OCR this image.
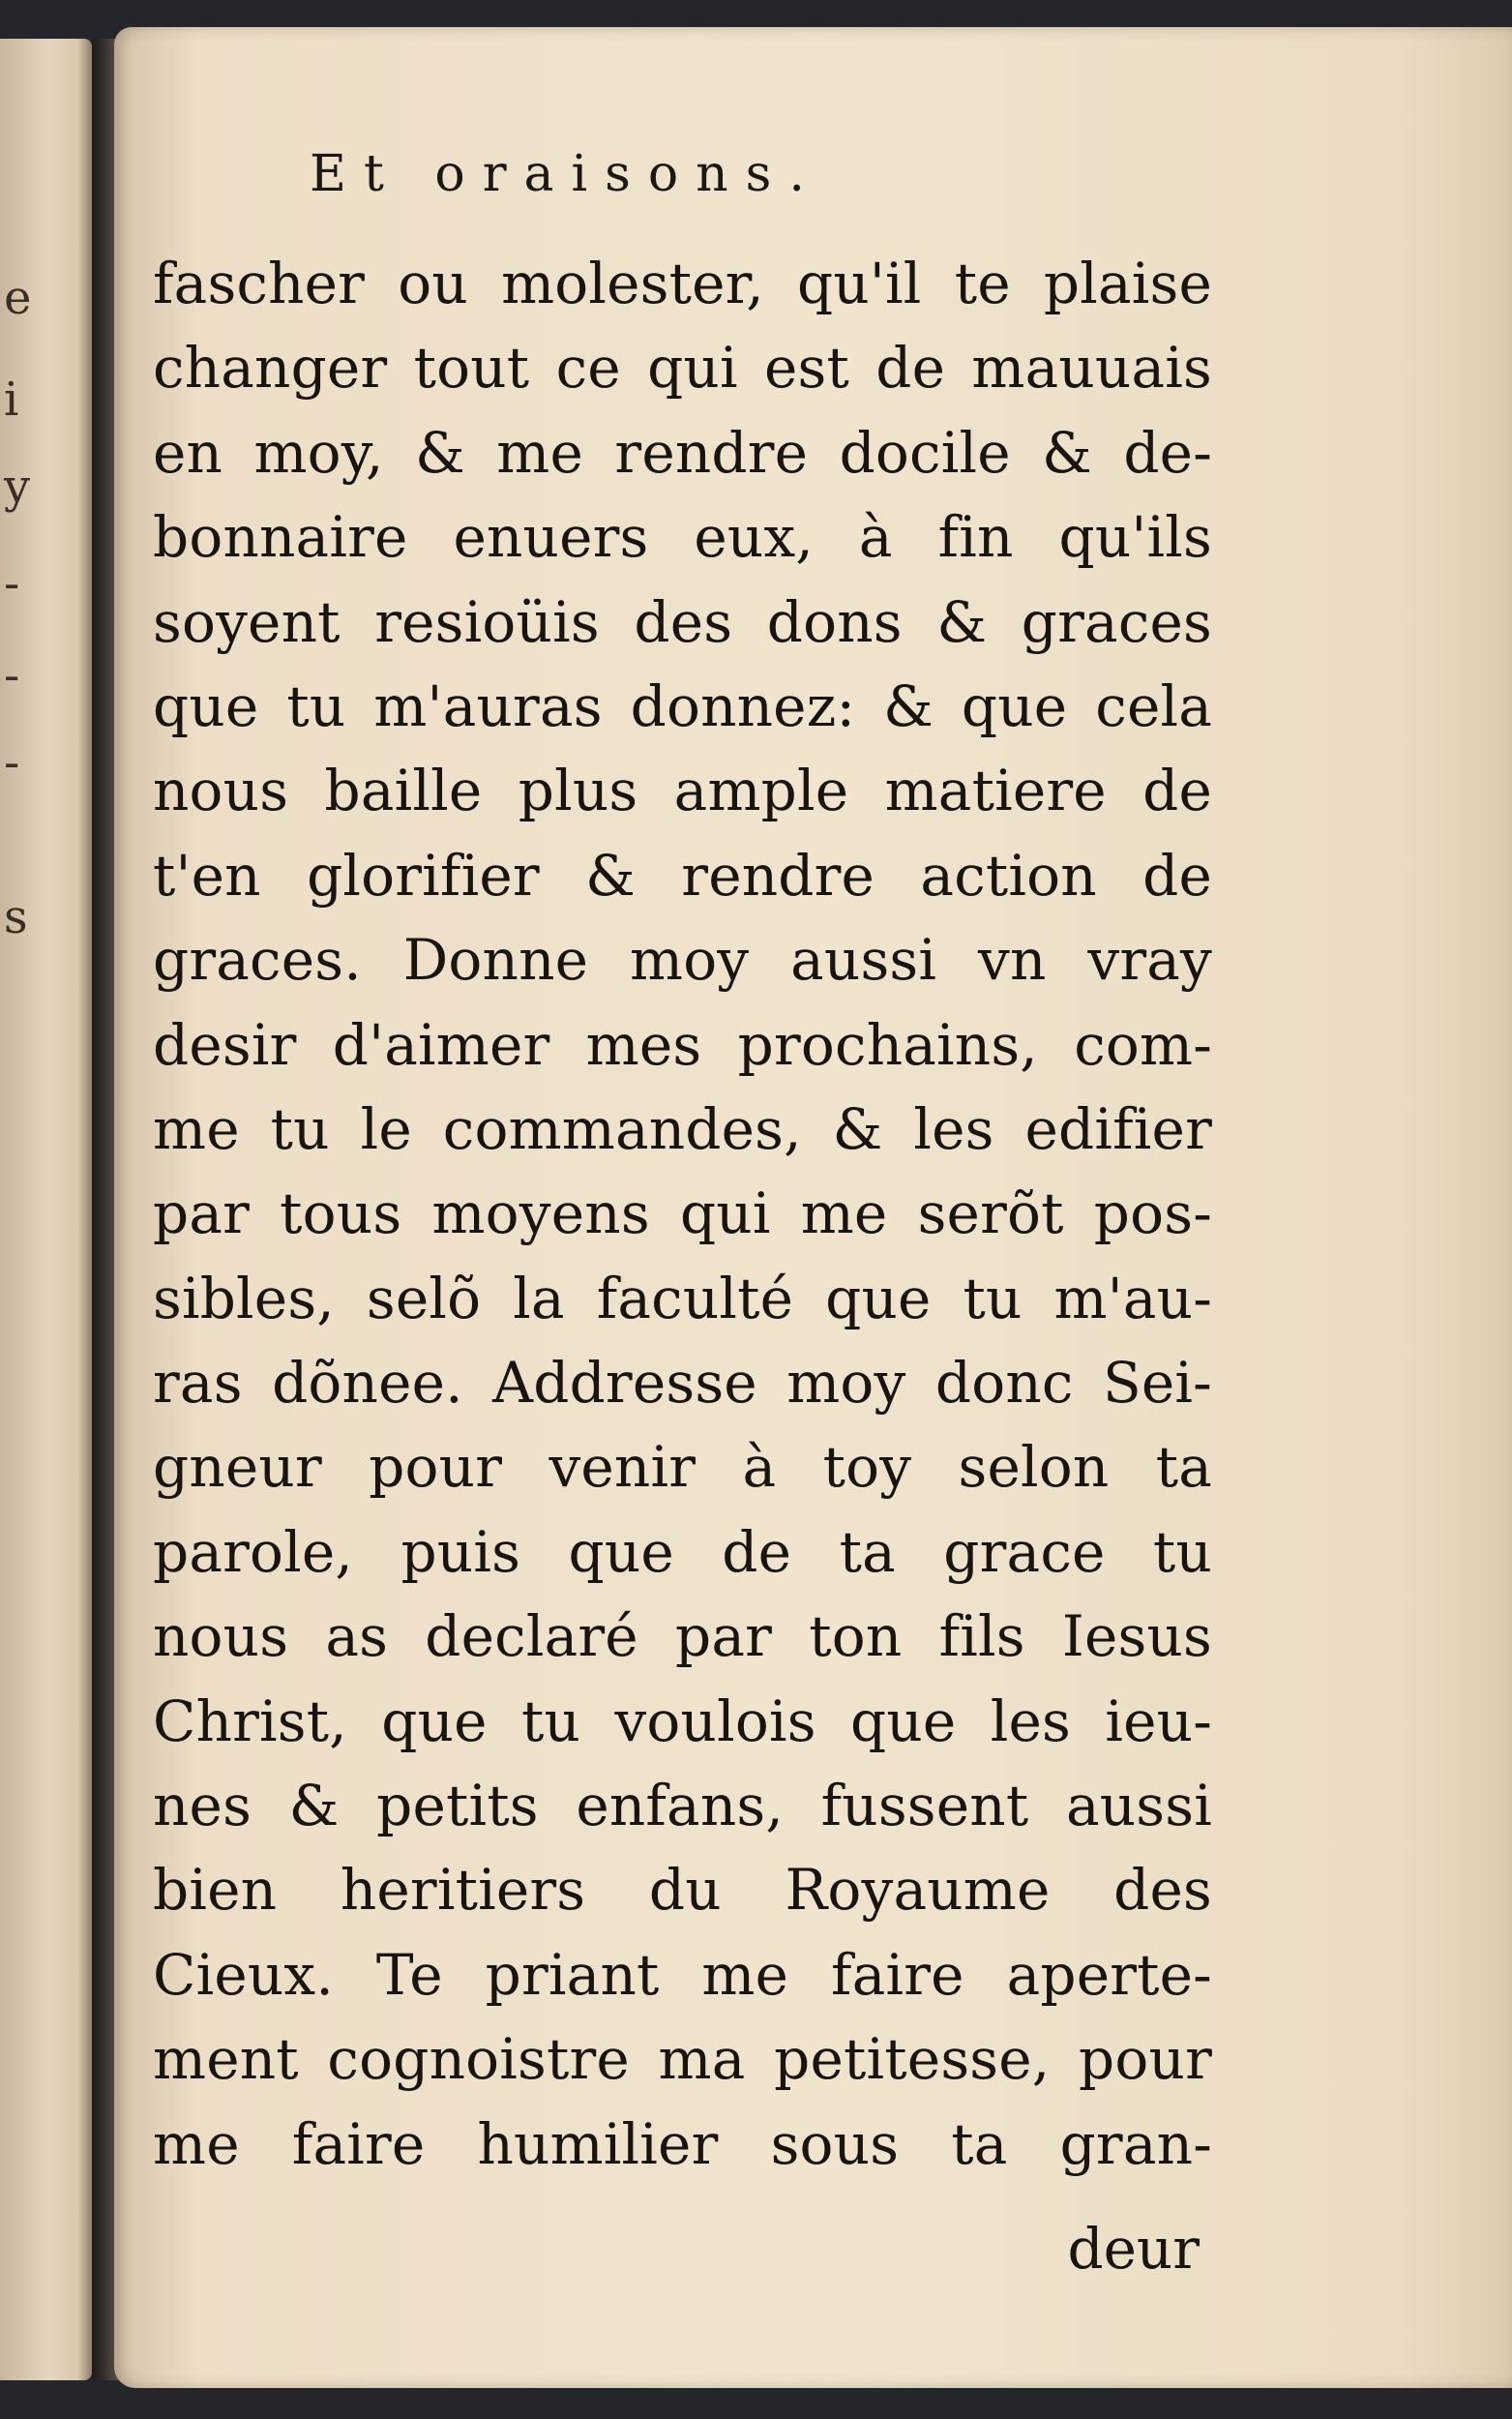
e
i
y
-
-
-
s
Et oraisons.
fascher ou molester, qu'il te plaise
changer tout ce qui est de mauuais
en moy, & me rendre docile & de-
bonnaire enuers eux, à fin qu'ils
soyent resioüis des dons & graces
que tu m'auras donnez: & que cela
nous baille plus ample matiere de
t'en glorifier & rendre action de
graces. Donne moy aussi vn vray
desir d'aimer mes prochains, com-
me tu le commandes, & les edifier
par tous moyens qui me serõt pos-
sibles, selõ la faculté que tu m'au-
ras dõnee. Addresse moy donc Sei-
gneur pour venir à toy selon ta
parole, puis que de ta grace tu
nous as declaré par ton fils Iesus
Christ, que tu voulois que les ieu-
nes & petits enfans, fussent aussi
bien heritiers du Royaume des
Cieux. Te priant me faire aperte-
ment cognoistre ma petitesse, pour
me faire humilier sous ta gran-
deur
